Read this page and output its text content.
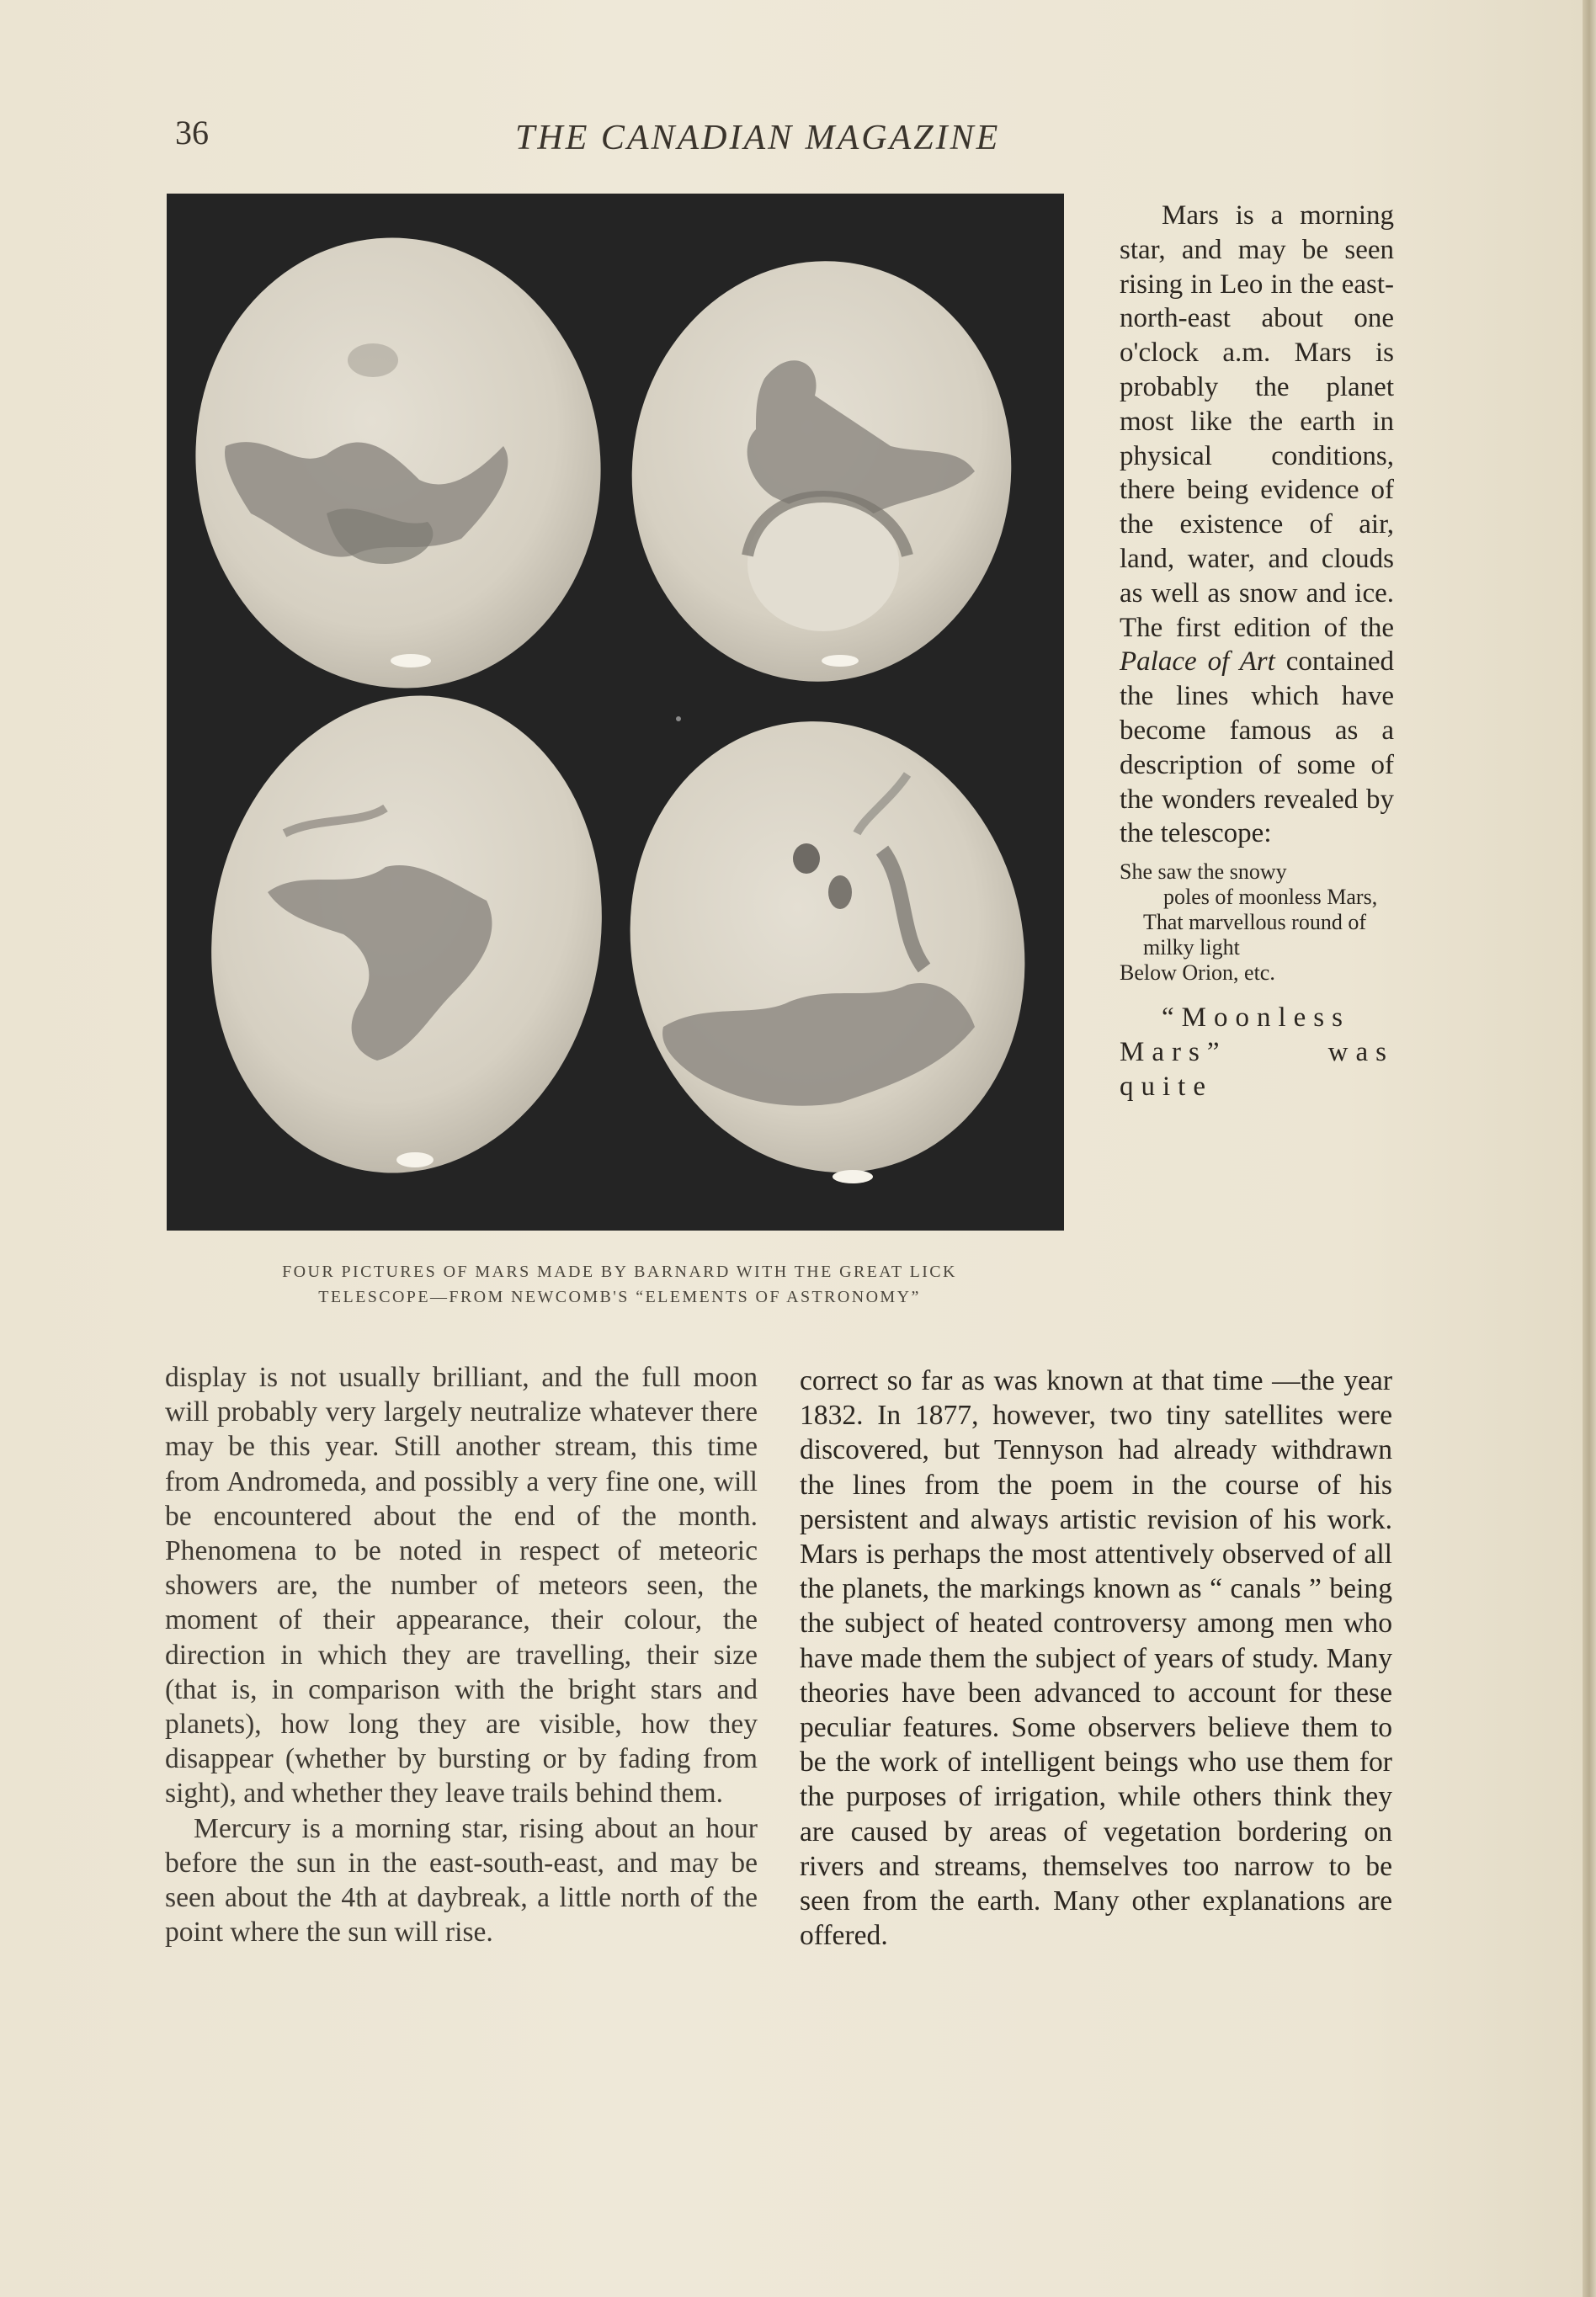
36	THE CANADIAN MAGAZINE
FOUR PICTURES OF MARS MADE BY BARNARD WITH THE GREAT LICK
TELESCOPE—FROM NEWCOMB'S “ELEMENTS OF ASTRONOMY”

Mars is a morning star, and may be seen rising in Leo in the east-north-east about one o'clock a.m. Mars is probably the planet most like the earth in physical conditions, there being evidence of the existence of air, land, water, and clouds as well as snow and ice. The first edition of the Palace of Art contained the lines which have become famous as a description of some of the wonders revealed by the telescope:

She saw the snowy
poles of moonless Mars,
That marvellous round of milky light
Below Orion, etc.

“Moonless Mars” was quite

display is not usually brilliant, and the full moon will probably very largely neutralize whatever there may be this year. Still another stream, this time from Andromeda, and possibly a very fine one, will be encountered about the end of the month. Phenomena to be noted in respect of meteoric showers are, the number of meteors seen, the moment of their appearance, their colour, the direction in which they are travelling, their size (that is, in comparison with the bright stars and planets), how long they are visible, how they disappear (whether by bursting or by fading from sight), and whether they leave trails behind them.

Mercury is a morning star, rising about an hour before the sun in the east-south-east, and may be seen about the 4th at daybreak, a little north of the point where the sun will rise.

correct so far as was known at that time —the year 1832. In 1877, however, two tiny satellites were discovered, but Tennyson had already withdrawn the lines from the poem in the course of his persistent and always artistic revision of his work. Mars is perhaps the most attentively observed of all the planets, the markings known as “ canals ” being the subject of heated controversy among men who have made them the subject of years of study. Many theories have been advanced to account for these peculiar features. Some observers believe them to be the work of intelligent beings who use them for the purposes of irrigation, while others think they are caused by areas of vegetation bordering on rivers and streams, themselves too narrow to be seen from the earth. Many other explanations are offered.
